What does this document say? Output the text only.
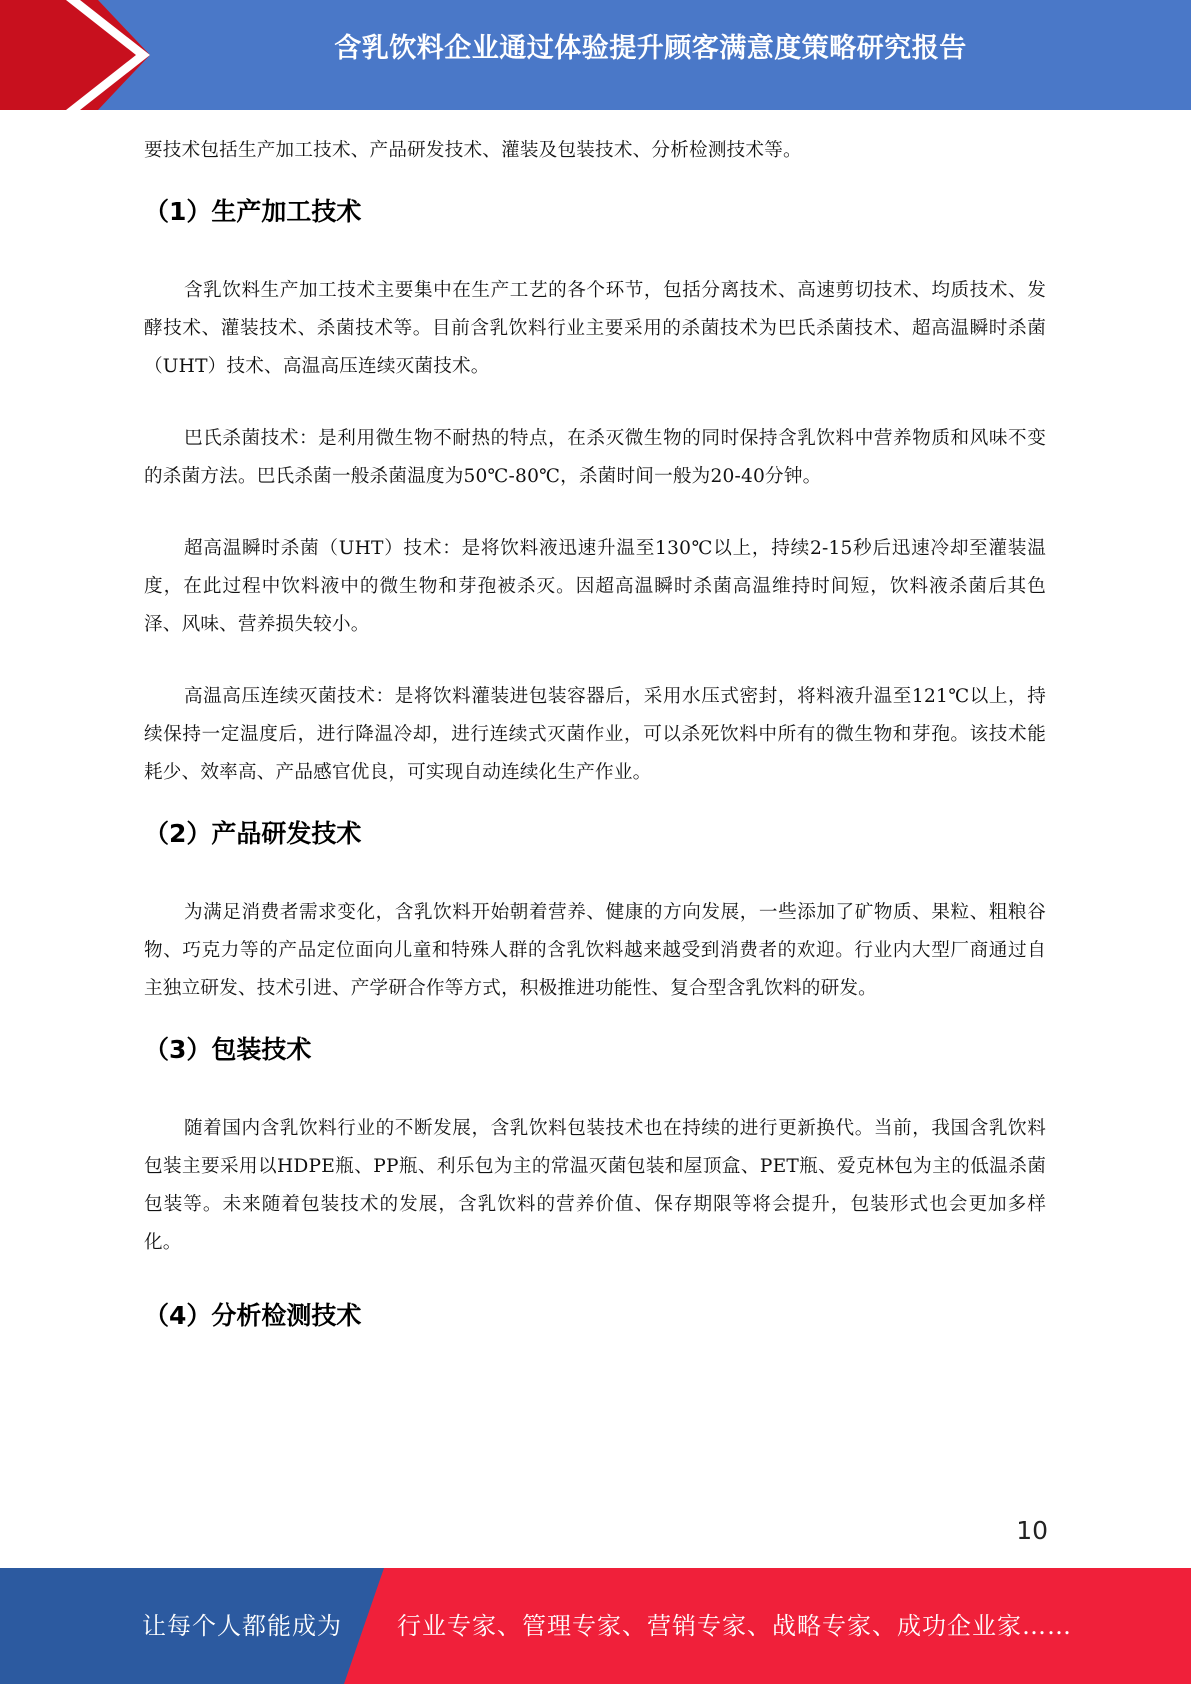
含乳饮料企业通过体验提升顾客满意度策略研究报告

要技术包括生产加工技术、产品研发技术、灌装及包装技术、分析检测技术等。

（1）生产加工技术

含乳饮料生产加工技术主要集中在生产工艺的各个环节，包括分离技术、高速剪切技术、均质技术、发酵技术、灌装技术、杀菌技术等。目前含乳饮料行业主要采用的杀菌技术为巴氏杀菌技术、超高温瞬时杀菌（UHT）技术、高温高压连续灭菌技术。

巴氏杀菌技术：是利用微生物不耐热的特点，在杀灭微生物的同时保持含乳饮料中营养物质和风味不变的杀菌方法。巴氏杀菌一般杀菌温度为50℃-80℃，杀菌时间一般为20-40分钟。

超高温瞬时杀菌（UHT）技术：是将饮料液迅速升温至130℃以上，持续2-15秒后迅速冷却至灌装温度，在此过程中饮料液中的微生物和芽孢被杀灭。因超高温瞬时杀菌高温维持时间短，饮料液杀菌后其色泽、风味、营养损失较小。

高温高压连续灭菌技术：是将饮料灌装进包装容器后，采用水压式密封，将料液升温至121℃以上，持续保持一定温度后，进行降温冷却，进行连续式灭菌作业，可以杀死饮料中所有的微生物和芽孢。该技术能耗少、效率高、产品感官优良，可实现自动连续化生产作业。

（2）产品研发技术

为满足消费者需求变化，含乳饮料开始朝着营养、健康的方向发展，一些添加了矿物质、果粒、粗粮谷物、巧克力等的产品定位面向儿童和特殊人群的含乳饮料越来越受到消费者的欢迎。行业内大型厂商通过自主独立研发、技术引进、产学研合作等方式，积极推进功能性、复合型含乳饮料的研发。

（3）包装技术

随着国内含乳饮料行业的不断发展，含乳饮料包装技术也在持续的进行更新换代。当前，我国含乳饮料包装主要采用以HDPE瓶、PP瓶、利乐包为主的常温灭菌包装和屋顶盒、PET瓶、爱克林包为主的低温杀菌包装等。未来随着包装技术的发展，含乳饮料的营养价值、保存期限等将会提升，包装形式也会更加多样化。

（4）分析检测技术

10
让每个人都能成为 行业专家、管理专家、营销专家、战略专家、成功企业家……
